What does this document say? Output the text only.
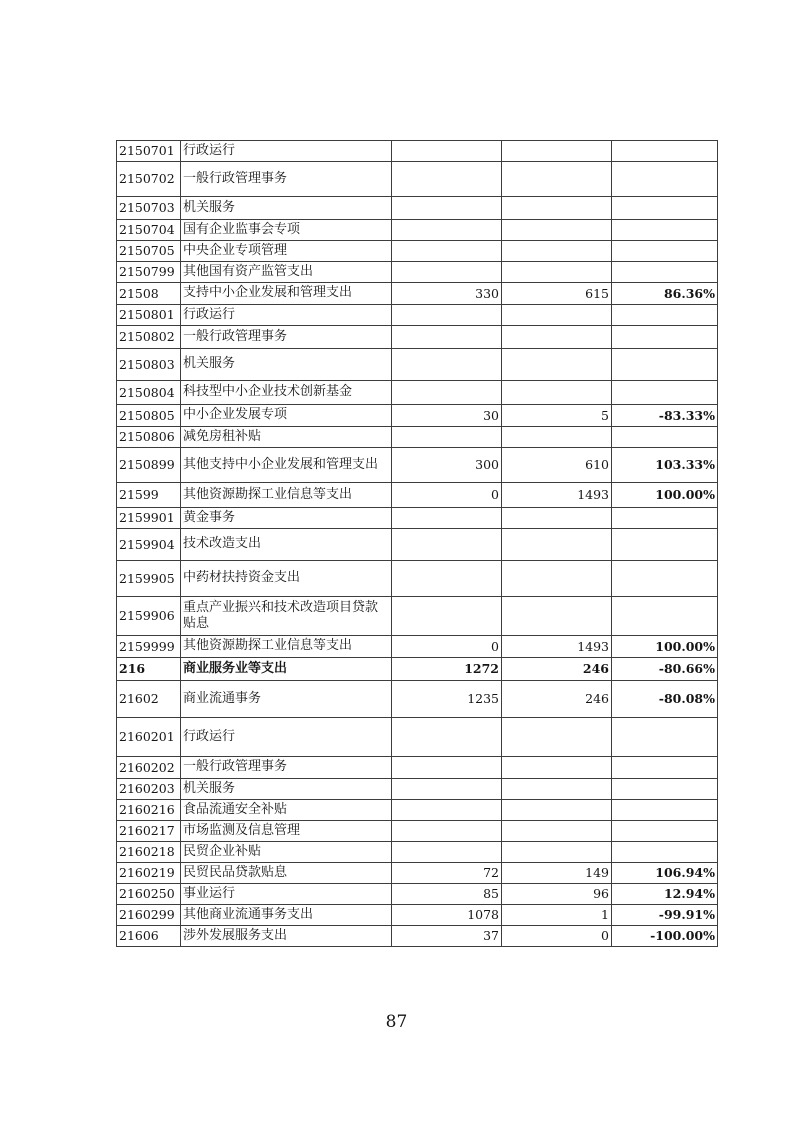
2150701	行政运行			
2150702	一般行政管理事务			
2150703	机关服务			
2150704	国有企业监事会专项			
2150705	中央企业专项管理			
2150799	其他国有资产监管支出			
21508	支持中小企业发展和管理支出	330	615	86.36%
2150801	行政运行			
2150802	一般行政管理事务			
2150803	机关服务			
2150804	科技型中小企业技术创新基金			
2150805	中小企业发展专项	30	5	-83.33%
2150806	减免房租补贴			
2150899	其他支持中小企业发展和管理支出	300	610	103.33%
21599	其他资源勘探工业信息等支出	0	1493	100.00%
2159901	黄金事务			
2159904	技术改造支出			
2159905	中药材扶持资金支出			
2159906	重点产业振兴和技术改造项目贷款贴息			
2159999	其他资源勘探工业信息等支出	0	1493	100.00%
216	商业服务业等支出	1272	246	-80.66%
21602	商业流通事务	1235	246	-80.08%
2160201	行政运行			
2160202	一般行政管理事务			
2160203	机关服务			
2160216	食品流通安全补贴			
2160217	市场监测及信息管理			
2160218	民贸企业补贴			
2160219	民贸民品贷款贴息	72	149	106.94%
2160250	事业运行	85	96	12.94%
2160299	其他商业流通事务支出	1078	1	-99.91%
21606	涉外发展服务支出	37	0	-100.00%
87
